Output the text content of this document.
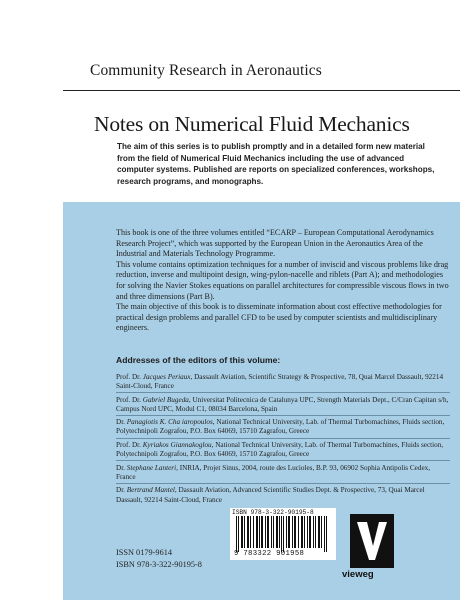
Community Research in Aeronautics
Notes on Numerical Fluid Mechanics
The aim of this series is to publish promptly and in a detailed form new material from the field of Numerical Fluid Mechanics including the use of advanced computer systems. Published are reports on specialized conferences, workshops, research programs, and monographs.

This book is one of the three volumes entitled “ECARP – European Computational Aerodynamics Research Project”, which was supported by the European Union in the Aeronautics Area of the Industrial and Materials Technology Programme.

This volume contains optimization techniques for a number of inviscid and viscous problems like drag reduction, inverse and multipoint design, wing-pylon-nacelle and riblets (Part A); and methodologies for solving the Navier Stokes equations on parallel architectures for compressible viscous flows in two and three dimensions (Part B).

The main objective of this book is to disseminate information about cost effective methodologies for practical design problems and parallel CFD to be used by computer scientists and multidisciplinary engineers.

Addresses of the editors of this volume:
Prof. Dr. Jacques Periaux, Dassault Aviation, Scientific Strategy & Prospective, 78, Quai Marcel Dassault, 92214 Saint-Cloud, France
Prof. Dr. Gabriel Bugeda, Universitat Politecnica de Catalunya UPC, Strength Materials Dept., C/Cran Capitan s/h, Campus Nord UPC, Modul C1, 08034 Barcelona, Spain
Dr. Panagiotis K. Cha iaropoulos, National Technical University, Lab. of Thermal Turbomachines, Fluids section, Polytechnipoli Zografou, P.O. Box 64069, 15710 Zagrafou, Greece
Prof. Dr. Kyriakos Giannakoglou, National Technical University, Lab. of Thermal Turbomachines, Fluids section, Polytechnipoli Zografou, P.O. Box 64069, 15710 Zagrafou, Greece
Dr. Stephane Lanteri, INRIA, Projet Sinus, 2004, route des Lucioles, B.P. 93, 06902 Sophia Antipolis Cedex, France
Dr. Bertrand Mantel, Dassault Aviation, Advanced Scientific Studies Dept. & Prospective, 73, Quai Marcel Dassault, 92214 Saint-Cloud, France
ISSN 0179-9614
ISBN 978-3-322-90195-8
ISBN 978-3-322-90195-8
9 783322 901958
vieweg
